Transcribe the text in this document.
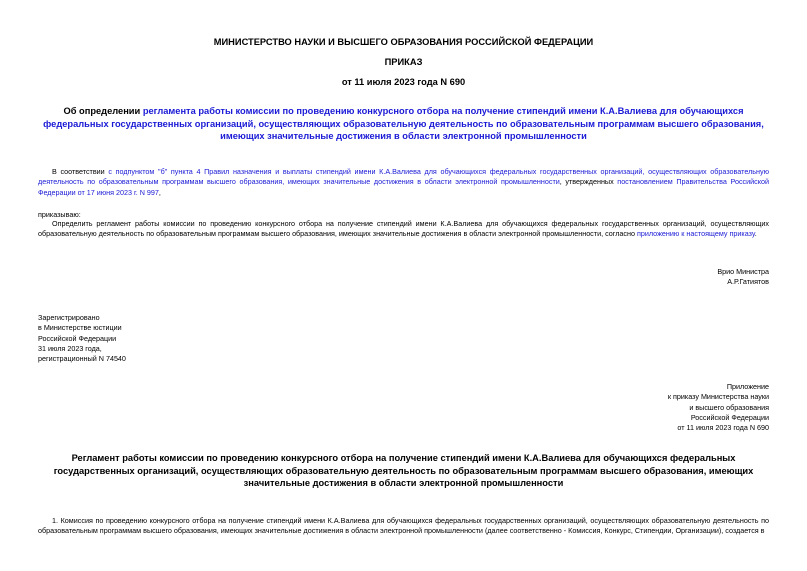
МИНИСТЕРСТВО НАУКИ И ВЫСШЕГО ОБРАЗОВАНИЯ РОССИЙСКОЙ ФЕДЕРАЦИИ
ПРИКАЗ
от 11 июля 2023 года N 690
Об определении регламента работы комиссии по проведению конкурсного отбора на получение стипендий имени К.А.Валиева для обучающихся федеральных государственных организаций, осуществляющих образовательную деятельность по образовательным программам высшего образования, имеющих значительные достижения в области электронной промышленности
В соответствии с подпунктом "б" пункта 4 Правил назначения и выплаты стипендий имени К.А.Валиева для обучающихся федеральных государственных организаций, осуществляющих образовательную деятельность по образовательным программам высшего образования, имеющих значительные достижения в области электронной промышленности, утвержденных постановлением Правительства Российской Федерации от 17 июня 2023 г. N 997,
приказываю:
Определить регламент работы комиссии по проведению конкурсного отбора на получение стипендий имени К.А.Валиева для обучающихся федеральных государственных организаций, осуществляющих образовательную деятельность по образовательным программам высшего образования, имеющих значительные достижения в области электронной промышленности, согласно приложению к настоящему приказу.
Врио Министра
А.Р.Гатиятов
Зарегистрировано
в Министерстве юстиции
Российской Федерации
31 июля 2023 года,
регистрационный N 74540
Приложение
к приказу Министерства науки
и высшего образования
Российской Федерации
от 11 июля 2023 года N 690
Регламент работы комиссии по проведению конкурсного отбора на получение стипендий имени К.А.Валиева для обучающихся федеральных государственных организаций, осуществляющих образовательную деятельность по образовательным программам высшего образования, имеющих значительные достижения в области электронной промышленности
1. Комиссия по проведению конкурсного отбора на получение стипендий имени К.А.Валиева для обучающихся федеральных государственных организаций, осуществляющих образовательную деятельность по образовательным программам высшего образования, имеющих значительные достижения в области электронной промышленности (далее соответственно - Комиссия, Конкурс, Стипендии, Организации), создается в
